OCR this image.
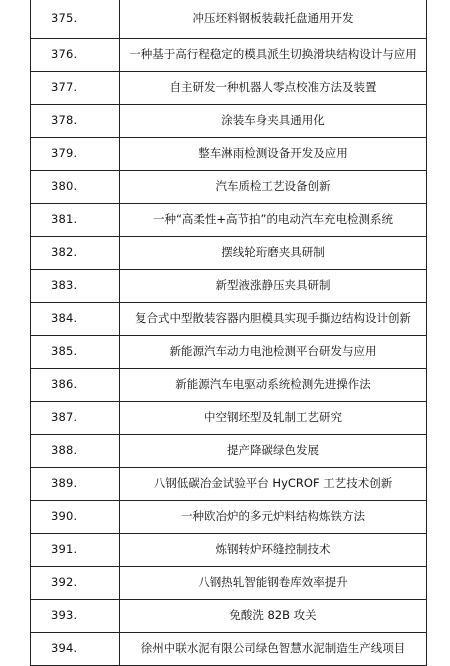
375.	冲压坯料钢板装载托盘通用开发
376.	一种基于高行程稳定的模具派生切换滑块结构设计与应用
377.	自主研发一种机器人零点校准方法及装置
378.	涂装车身夹具通用化
379.	整车淋雨检测设备开发及应用
380.	汽车质检工艺设备创新
381.	一种“高柔性+高节拍”的电动汽车充电检测系统
382.	摆线轮珩磨夹具研制
383.	新型液涨静压夹具研制
384.	复合式中型散装容器内胆模具实现手撕边结构设计创新
385.	新能源汽车动力电池检测平台研发与应用
386.	新能源汽车电驱动系统检测先进操作法
387.	中空钢坯型及轧制工艺研究
388.	提产降碳绿色发展
389.	八钢低碳冶金试验平台 HyCROF 工艺技术创新
390.	一种欧冶炉的多元炉料结构炼铁方法
391.	炼钢转炉环缝控制技术
392.	八钢热轧智能钢卷库效率提升
393.	免酸洗 82B 攻关
394.	徐州中联水泥有限公司绿色智慧水泥制造生产线项目
